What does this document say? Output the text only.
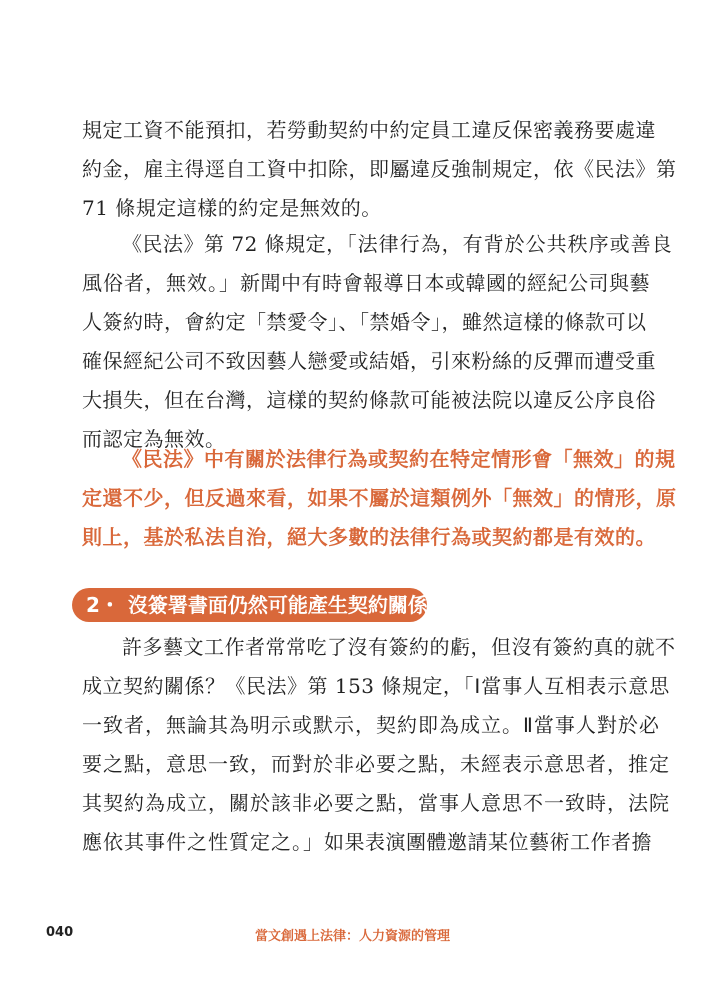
規定工資不能預扣，若勞動契約中約定員工違反保密義務要處違
約金，雇主得逕自工資中扣除，即屬違反強制規定，依《民法》第
71 條規定這樣的約定是無效的。
《民法》第 72 條規定，「法律行為，有背於公共秩序或善良
風俗者，無效。」新聞中有時會報導日本或韓國的經紀公司與藝
人簽約時，會約定「禁愛令」、「禁婚令」，雖然這樣的條款可以
確保經紀公司不致因藝人戀愛或結婚，引來粉絲的反彈而遭受重
大損失，但在台灣，這樣的契約條款可能被法院以違反公序良俗
而認定為無效。
《民法》中有關於法律行為或契約在特定情形會「無效」的規
定還不少，但反過來看，如果不屬於這類例外「無效」的情形，原
則上，基於私法自治，絕大多數的法律行為或契約都是有效的。
2・ 沒簽署書面仍然可能產生契約關係
許多藝文工作者常常吃了沒有簽約的虧，但沒有簽約真的就不
成立契約關係？《民法》第 153 條規定，「Ⅰ當事人互相表示意思
一致者，無論其為明示或默示，契約即為成立。Ⅱ當事人對於必
要之點，意思一致，而對於非必要之點，未經表示意思者，推定
其契約為成立，關於該非必要之點，當事人意思不一致時，法院
應依其事件之性質定之。」如果表演團體邀請某位藝術工作者擔
040	當文創遇上法律：人力資源的管理
